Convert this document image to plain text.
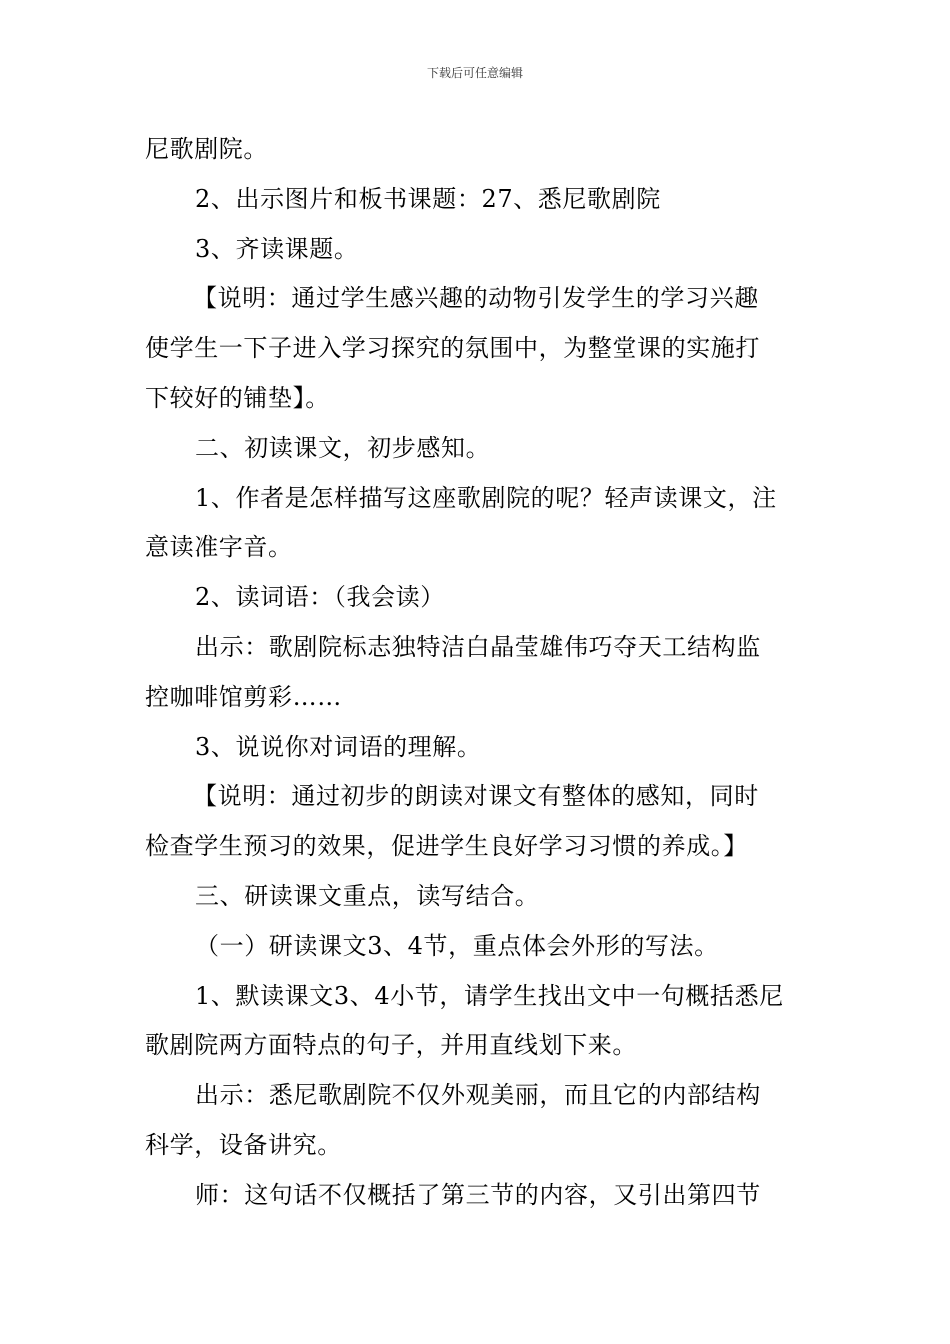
下载后可任意编辑
尼歌剧院。
2、出示图片和板书课题：27、悉尼歌剧院
3、齐读课题。
【说明：通过学生感兴趣的动物引发学生的学习兴趣
使学生一下子进入学习探究的氛围中，为整堂课的实施打
下较好的铺垫】。
二、初读课文，初步感知。
1、作者是怎样描写这座歌剧院的呢？轻声读课文，注
意读准字音。
2、读词语：（我会读）
出示：歌剧院标志独特洁白晶莹雄伟巧夺天工结构监
控咖啡馆剪彩……
3、说说你对词语的理解。
【说明：通过初步的朗读对课文有整体的感知，同时
检查学生预习的效果，促进学生良好学习习惯的养成。】
三、研读课文重点，读写结合。
（一）研读课文3、4节，重点体会外形的写法。
1、默读课文3、4小节，请学生找出文中一句概括悉尼
歌剧院两方面特点的句子，并用直线划下来。
出示：悉尼歌剧院不仅外观美丽，而且它的内部结构
科学，设备讲究。
师：这句话不仅概括了第三节的内容，又引出第四节
